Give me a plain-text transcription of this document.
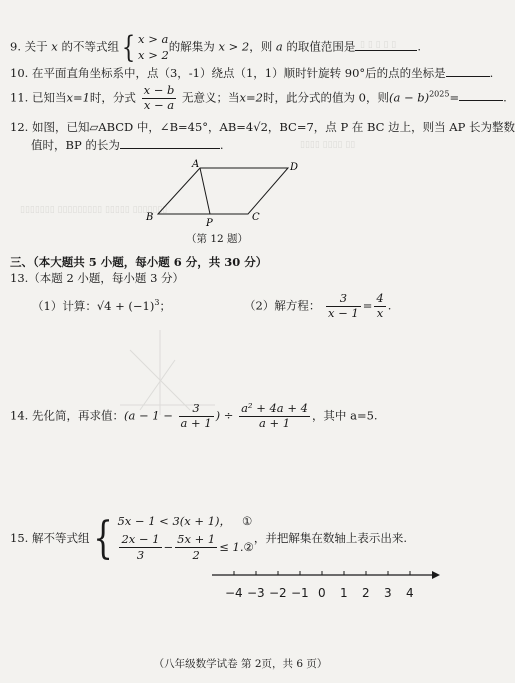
▯ ▯ ▯ ▯ ▯
▯▯▯▯ ▯▯▯▯ ▯▯
▯▯▯▯▯▯▯ ▯▯▯▯▯▯▯▯▯ ▯▯▯▯▯ ▯▯▯▯▯▯▯
9. 关于 x 的不等式组{ x > a
x > 2
的解集为 x > 2，则 a 的取值范围是	.
10. 在平面直角坐标系中，点（3，-1）绕点（1，1）顺时针旋转 90°后的点的坐标是	.
11. 已知当x=1时，分式 $\frac{x - b}{x - a}$ 无意义；当x=2时，此分式的值为 0，则$(a - b)^{2025}=$	.
12. 如图，已知▱ABCD 中，∠B=45°，AB=4√2，BC=7，点 P 在 BC 边上，则当 AP 长为整数
值时，BP 的长为	.
A	D
B	C
P
（第 12 题）
三、（本大题共 5 小题，每小题 6 分，共 30 分）
13.（本题 2 小题，每小题 3 分）
（1）计算：$√4 + (-1)^3$；	（2）解方程： $\frac{3}{x - 1} = \frac{4}{x}$ .
14. 先化简，再求值：($a - 1 - \frac{3}{a + 1}$ ) ÷ $\frac{\text{a² + 4a + 4}}{a + 1}$ ，其中 a=5.
15. 解不等式组{ 5x − 1 < 3(x + 1)， ①
$\frac{2x - 1}{3} - \frac{5x + 1}{2}$ ≤ 1.②
，并把解集在数轴上表示出来.
−4 −3 −2 −1 0 1 2 3 4
（八年级数学试卷 第 2页，共 6 页）
